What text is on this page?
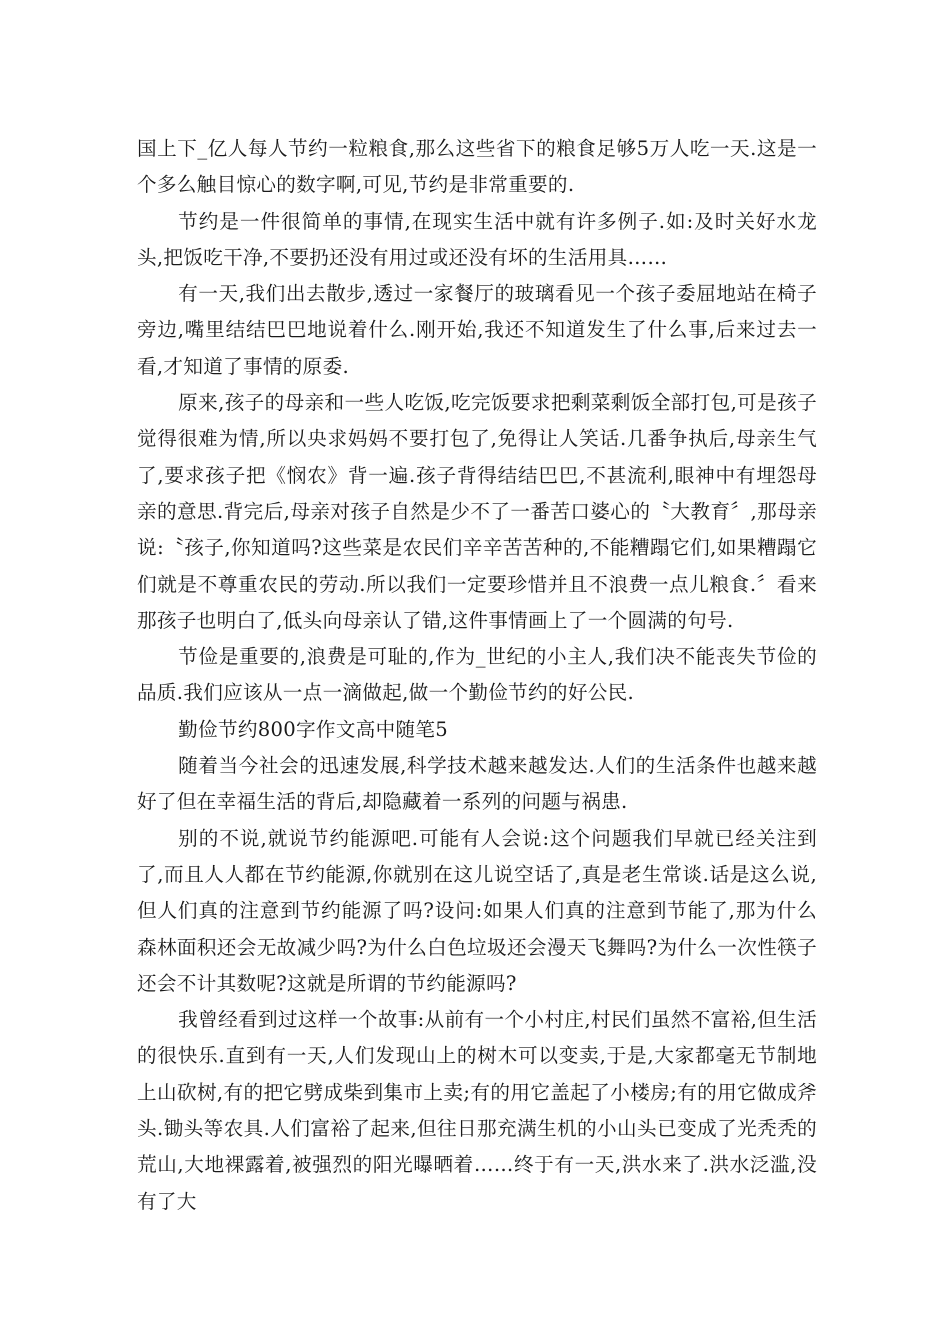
国上下_亿人每人节约一粒粮食,那么这些省下的粮食足够5万人吃一天.这是一个多么触目惊心的数字啊,可见,节约是非常重要的.

节约是一件很简单的事情,在现实生活中就有许多例子.如:及时关好水龙头,把饭吃干净,不要扔还没有用过或还没有坏的生活用具……

有一天,我们出去散步,透过一家餐厅的玻璃看见一个孩子委屈地站在椅子旁边,嘴里结结巴巴地说着什么.刚开始,我还不知道发生了什么事,后来过去一看,才知道了事情的原委.

原来,孩子的母亲和一些人吃饭,吃完饭要求把剩菜剩饭全部打包,可是孩子觉得很难为情,所以央求妈妈不要打包了,免得让人笑话.几番争执后,母亲生气了,要求孩子把《悯农》背一遍.孩子背得结结巴巴,不甚流利,眼神中有埋怨母亲的意思.背完后,母亲对孩子自然是少不了一番苦口婆心的〝大教育〞,那母亲说:〝孩子,你知道吗?这些菜是农民们辛辛苦苦种的,不能糟蹋它们,如果糟蹋它们就是不尊重农民的劳动.所以我们一定要珍惜并且不浪费一点儿粮食.〞看来那孩子也明白了,低头向母亲认了错,这件事情画上了一个圆满的句号.

节俭是重要的,浪费是可耻的,作为_世纪的小主人,我们决不能丧失节俭的品质.我们应该从一点一滴做起,做一个勤俭节约的好公民.

勤俭节约800字作文高中随笔5

随着当今社会的迅速发展,科学技术越来越发达.人们的生活条件也越来越好了但在幸福生活的背后,却隐藏着一系列的问题与祸患.

别的不说,就说节约能源吧.可能有人会说:这个问题我们早就已经关注到了,而且人人都在节约能源,你就别在这儿说空话了,真是老生常谈.话是这么说,但人们真的注意到节约能源了吗?设问:如果人们真的注意到节能了,那为什么森林面积还会无故减少吗?为什么白色垃圾还会漫天飞舞吗?为什么一次性筷子还会不计其数呢?这就是所谓的节约能源吗?

我曾经看到过这样一个故事:从前有一个小村庄,村民们虽然不富裕,但生活的很快乐.直到有一天,人们发现山上的树木可以变卖,于是,大家都毫无节制地上山砍树,有的把它劈成柴到集市上卖;有的用它盖起了小楼房;有的用它做成斧头.锄头等农具.人们富裕了起来,但往日那充满生机的小山头已变成了光秃秃的荒山,大地裸露着,被强烈的阳光曝晒着……终于有一天,洪水来了.洪水泛滥,没有了大
